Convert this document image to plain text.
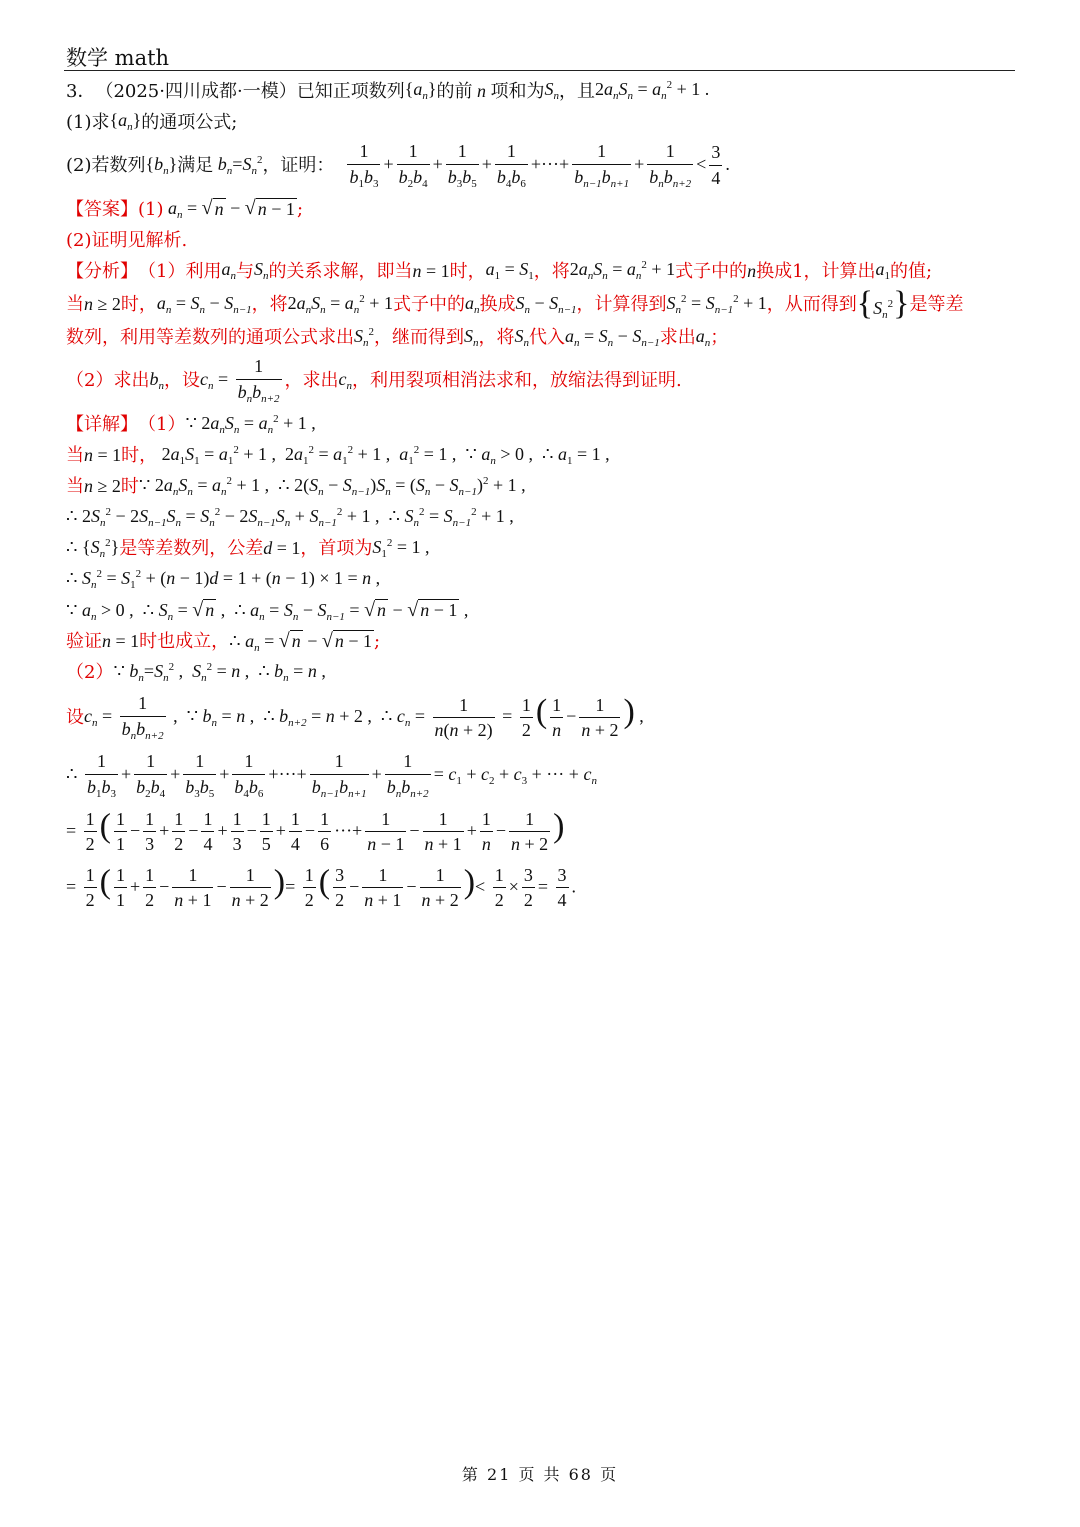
数学 math
3． （2025·四川成都·一模） 已知正项数列 $\{a_n\}$ 的前 n 项和为 $S_n$ ，且 $2a_nS_n = a_n^2 + 1$ .
(1)求 $\{a_n\}$ 的通项公式;
(2)若数列 $\{b_n\}$ 满足 $b_n=S_n^2$ ，证明： $\frac{1}{b_1b_3} + \frac{1}{b_2b_4} + \frac{1}{b_3b_5} + \frac{1}{b_4b_6}$ +···+ $\frac{1}{b_{n-1}b_{n+1}} + \frac{1}{b_nb_{n+2}} < \frac{3}{4}$ .
【答案】 (1) $a_n$ = √ n − √ n − 1 ;
(2)证明见解析.
【分析】 （1）利用 $a_n$ 与 $S_n$ 的关系求解，即当 n = 1 时， $a_1 = S_1$ ，将 $2a_nS_n = a_n^2 + 1$ 式子中的 n 换成1，计算出 $a_1$ 的值;
当 n ≥ 2 时， $a_n = S_n - S_{n-1}$ ，将 $2a_nS_n = a_n^2 + 1$ 式子中的 $a_n$ 换成 $S_n - S_{n-1}$ ，计算得到 $S_n^2 = S_{n-1}^2 + 1$ ，从而得到 $\{S_n^2\}$ 是等差
数列，利用等差数列的通项公式求出 $S_n^2$ ，继而得到 $S_n$ ，将 $S_n$ 代入 $a_n = S_n - S_{n-1}$ 求出 $a_n$ ；
（2）求出 $b_n$ ，设 $c_n = \frac{1}{b_nb_{n+2}}$ ，求出 $c_n$ ，利用裂项相消法求和，放缩法得到证明.
【详解】 （1） ∵ $2a_nS_n = a_n^2 + 1$ ,
当 n = 1 时， $2a_1S_1 = a_1^2 + 1$ ,  $2a_1^2 = a_1^2 + 1$ ,  $a_1^2 = 1$ ,  ∵ $a_n > 0$ ,  ∴ $a_1 = 1$ ,
当 n ≥ 2 时 ∵ $2a_nS_n = a_n^2 + 1$ ,  ∴ $2(S_n - S_{n-1})S_n = (S_n - S_{n-1})^2 + 1$ ,
∴ $2S_n^2 - 2S_{n-1}S_n = S_n^2 - 2S_{n-1}S_n + S_{n-1}^2 + 1$ ,  ∴ $S_n^2 = S_{n-1}^2 + 1$ ,
∴ $\{S_n^2\}$ 是等差数列，公差 d = 1 ，首项为 $S_1^2 = 1$ ,
∴ $S_n^2 = S_1^2 + (n - 1)d = 1 + (n - 1) \times 1 = n$ ,
∵ $a_n > 0$ ,  ∴ $S_n$ = √ n ,  ∴ $a_n = S_n - S_{n-1}$ = √ n − √ n − 1 ,
验证 n = 1 时也成立， ∴ $a_n$ = √ n − √ n − 1 ;
（2） ∵ $b_n=S_n^2$ ,  $S_n^2 = n$ ,  ∴ $b_n = n$ ,
设 $c_n = \frac{1}{b_nb_{n+2}}$ ,  ∵ $b_n = n$ ,  ∴ $b_{n+2} = n + 2$ ,  ∴ $c_n = \frac{1}{n(n + 2)} = \frac{1}{2}$ ( $\frac{1}{n} - \frac{1}{n + 2}$ ) ,
∴ $\frac{1}{b_1b_3} + \frac{1}{b_2b_4} + \frac{1}{b_3b_5} + \frac{1}{b_4b_6}$ +···+ $\frac{1}{b_{n-1}b_{n+1}} + \frac{1}{b_nb_{n+2}} = c_1 + c_2 + c_3$ + ··· + $c_n$
= $\frac{1}{2}$ ( $\frac{1}{1} - \frac{1}{3} + \frac{1}{2} - \frac{1}{4} + \frac{1}{3} - \frac{1}{5} + \frac{1}{4} - \frac{1}{6}$ ···+ $\frac{1}{n - 1} - \frac{1}{n + 1} + \frac{1}{n} - \frac{1}{n + 2}$ )
= $\frac{1}{2}$ ( $\frac{1}{1} + \frac{1}{2} - \frac{1}{n + 1} - \frac{1}{n + 2}$ )= $\frac{1}{2}$ ( $\frac{3}{2} - \frac{1}{n + 1} - \frac{1}{n + 2}$ )< $\frac{1}{2} \times \frac{3}{2} = \frac{3}{4}$ .
第 21 页 共 68 页
